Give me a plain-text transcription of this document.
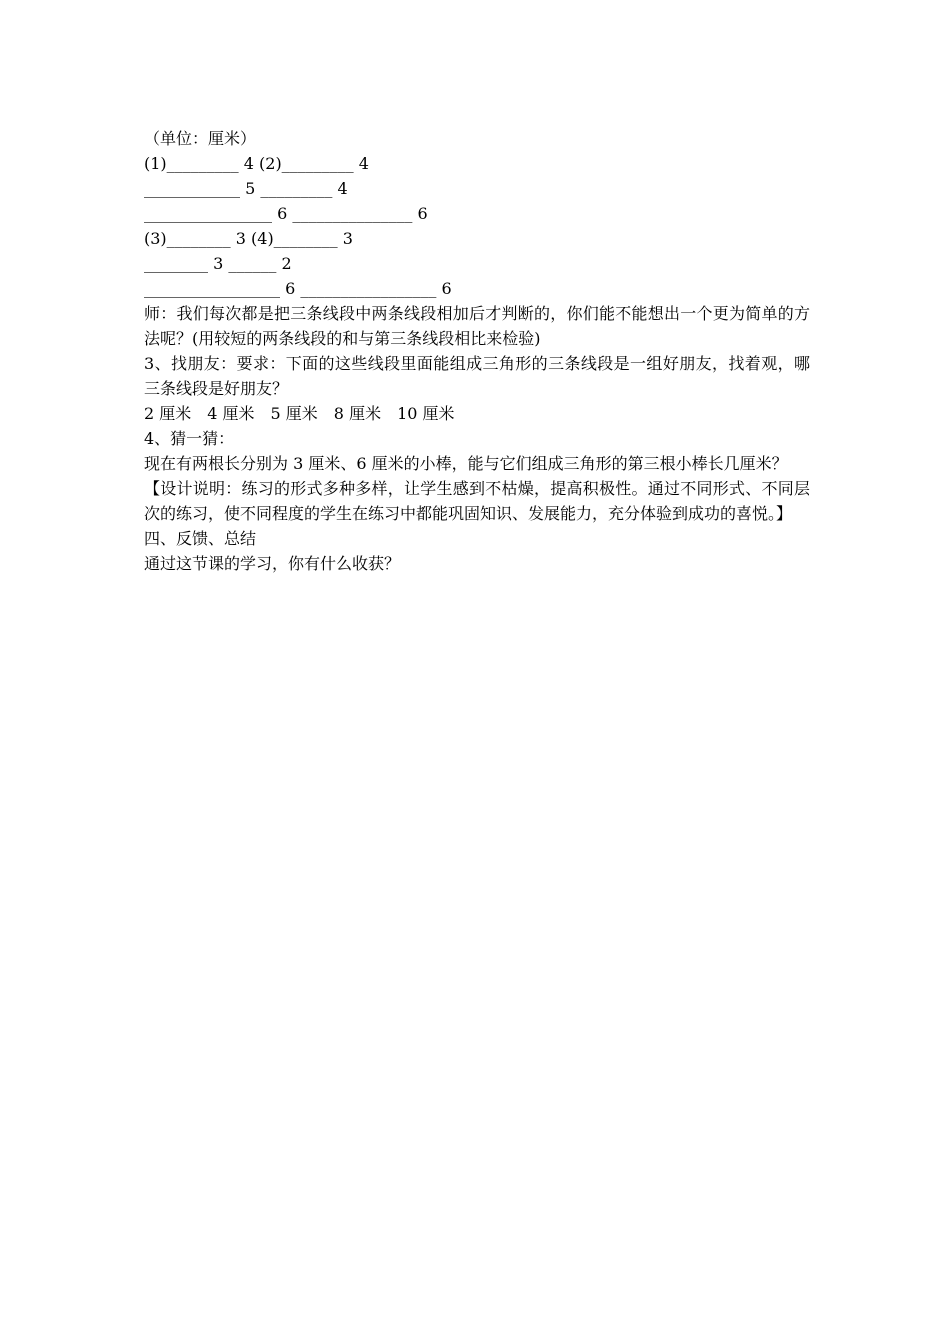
（单位：厘米）
(1)_________ 4 (2)_________ 4
____________ 5 _________ 4
________________ 6 _______________ 6
(3)________ 3 (4)________ 3
________ 3 ______ 2
_________________ 6 _________________ 6
师：我们每次都是把三条线段中两条线段相加后才判断的，你们能不能想出一个更为简单的方法呢？(用较短的两条线段的和与第三条线段相比来检验)
3、找朋友：要求：下面的这些线段里面能组成三角形的三条线段是一组好朋友，找着观，哪三条线段是好朋友？
2 厘米　4 厘米　5 厘米　8 厘米　10 厘米
4、猜一猜：
现在有两根长分别为 3 厘米、6 厘米的小棒，能与它们组成三角形的第三根小棒长几厘米？
【设计说明：练习的形式多种多样，让学生感到不枯燥，提高积极性。通过不同形式、不同层次的练习，使不同程度的学生在练习中都能巩固知识、发展能力，充分体验到成功的喜悦。】
四、反馈、总结
通过这节课的学习，你有什么收获？
